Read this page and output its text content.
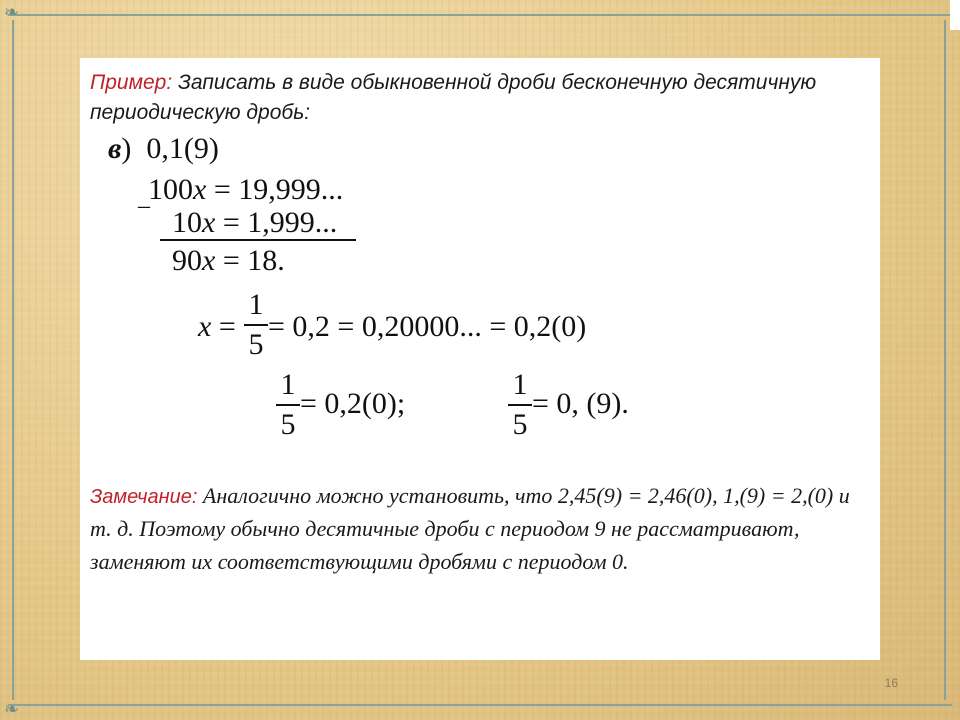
❧
❧
Пример: Записать в виде обыкновенной дроби бесконечную десятичную периодическую дробь:
в) 0,1(9)
_
100x = 19,999...
10x = 1,999...
90x = 18.
x =
1
5
= 0,2 = 0,20000... = 0,2(0)
1
5
= 0,2(0);
1
5
= 0, (9).
Замечание: Аналогично можно установить, что 2,45(9) = 2,46(0), 1,(9) = 2,(0) и т. д. Поэтому обычно десятичные дроби с периодом 9 не рассматривают, заменяют их соответствующими дробями с периодом 0.
16
